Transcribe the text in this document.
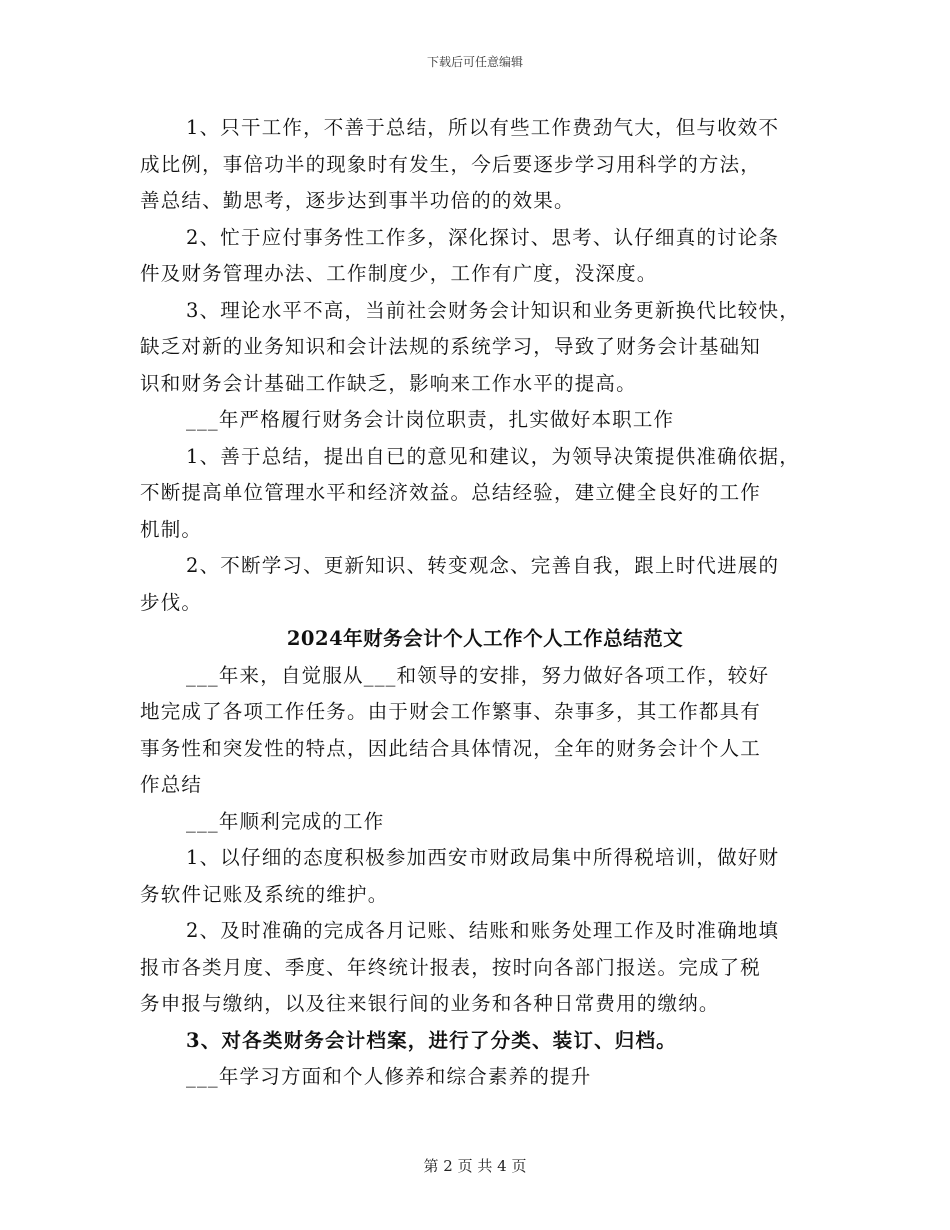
下载后可任意编辑

1、只干工作，不善于总结，所以有些工作费劲气大，但与收效不
成比例，事倍功半的现象时有发生，今后要逐步学习用科学的方法，
善总结、勤思考，逐步达到事半功倍的的效果。

2、忙于应付事务性工作多，深化探讨、思考、认仔细真的讨论条
件及财务管理办法、工作制度少，工作有广度，没深度。

3、理论水平不高，当前社会财务会计知识和业务更新换代比较快，
缺乏对新的业务知识和会计法规的系统学习，导致了财务会计基础知
识和财务会计基础工作缺乏，影响来工作水平的提高。

___年严格履行财务会计岗位职责，扎实做好本职工作

1、善于总结，提出自已的意见和建议，为领导决策提供准确依据，
不断提高单位管理水平和经济效益。总结经验，建立健全良好的工作
机制。

2、不断学习、更新知识、转变观念、完善自我，跟上时代进展的
步伐。

2024年财务会计个人工作个人工作总结范文

___年来，自觉服从___和领导的安排，努力做好各项工作，较好
地完成了各项工作任务。由于财会工作繁事、杂事多，其工作都具有
事务性和突发性的特点，因此结合具体情况，全年的财务会计个人工
作总结

___年顺利完成的工作

1、以仔细的态度积极参加西安市财政局集中所得税培训，做好财
务软件记账及系统的维护。

2、及时准确的完成各月记账、结账和账务处理工作及时准确地填
报市各类月度、季度、年终统计报表，按时向各部门报送。完成了税
务申报与缴纳，以及往来银行间的业务和各种日常费用的缴纳。

3、对各类财务会计档案，进行了分类、装订、归档。

___年学习方面和个人修养和综合素养的提升

第 2 页 共 4 页
